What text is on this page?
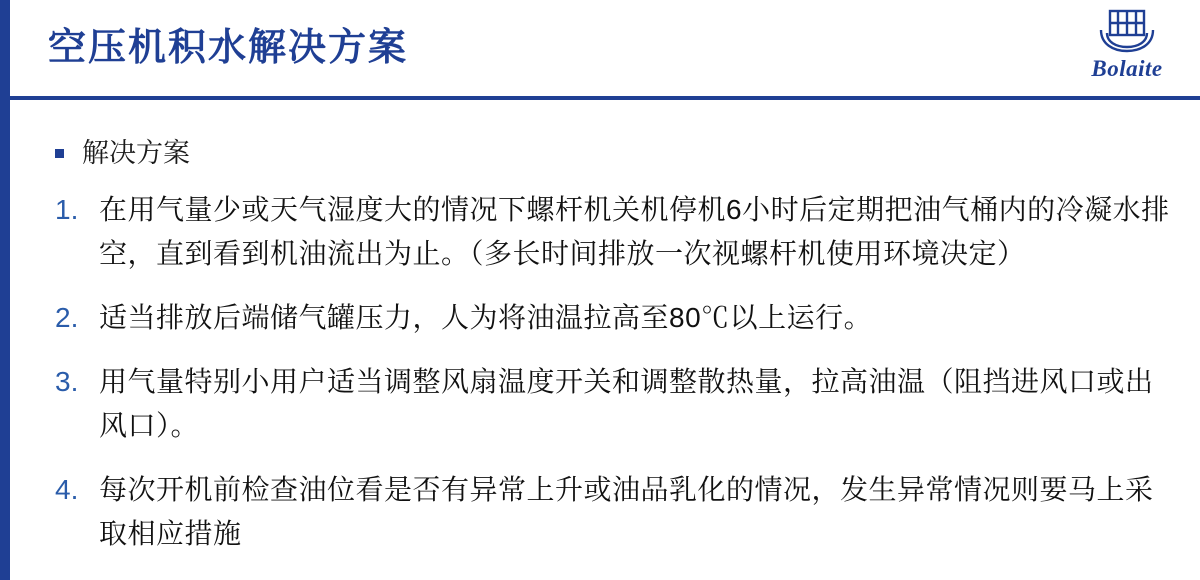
空压机积水解决方案	Bolaite
解决方案
1. 在用气量少或天气湿度大的情况下螺杆机关机停机6小时后定期把油气桶内的冷凝水排空，直到看到机油流出为止。（多长时间排放一次视螺杆机使用环境决定）
2. 适当排放后端储气罐压力，人为将油温拉高至80℃以上运行。
3. 用气量特别小用户适当调整风扇温度开关和调整散热量，拉高油温（阻挡进风口或出风口）。
4. 每次开机前检查油位看是否有异常上升或油品乳化的情况，发生异常情况则要马上采取相应措施
